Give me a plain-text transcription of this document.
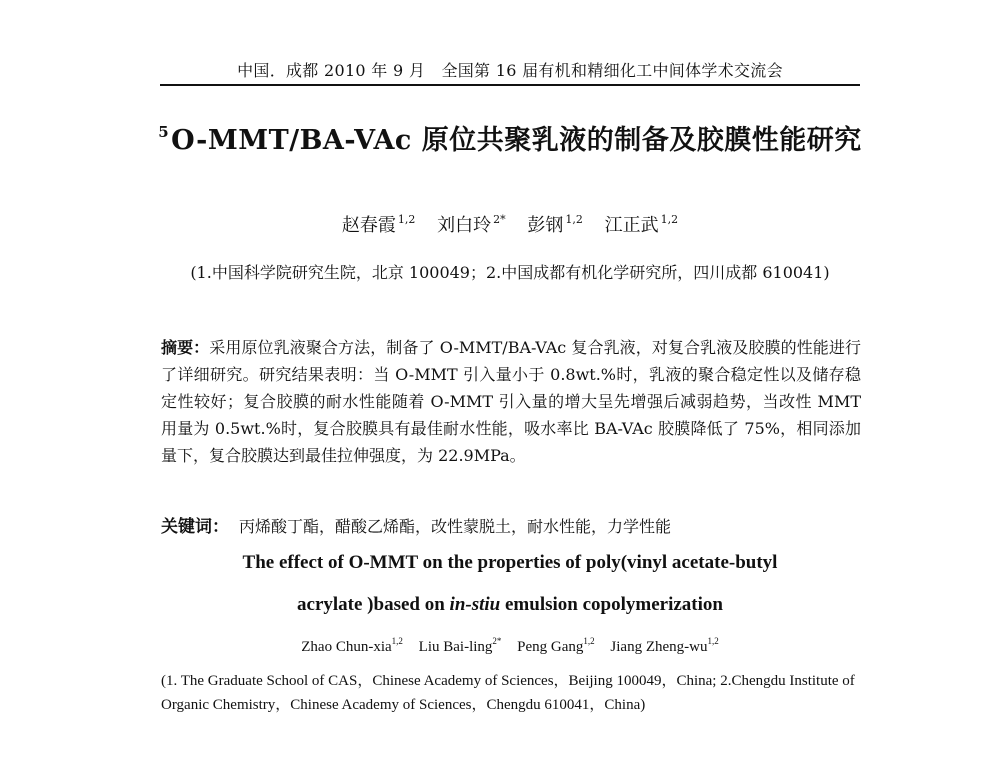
中国．成都 2010 年 9 月　全国第 16 届有机和精细化工中间体学术交流会
$^5$O-MMT/BA-VAc 原位共聚乳液的制备及胶膜性能研究
赵春霞 $^{1,2}$ 刘白玲 $^{2*}$ 彭钢 $^{1,2}$ 江正武 $^{1,2}$
(1.中国科学院研究生院，北京 100049；2.中国成都有机化学研究所，四川成都 610041)
摘要：采用原位乳液聚合方法，制备了 O-MMT/BA-VAc 复合乳液，对复合乳液及胶膜的性能进行了详细研究。研究结果表明：当 O-MMT 引入量小于 0.8wt.%时，乳液的聚合稳定性以及储存稳定性较好；复合胶膜的耐水性能随着 O-MMT 引入量的增大呈先增强后减弱趋势，当改性 MMT 用量为 0.5wt.%时，复合胶膜具有最佳耐水性能，吸水率比 BA-VAc 胶膜降低了 75%，相同添加量下，复合胶膜达到最佳拉伸强度，为 22.9MPa。
关键词： 丙烯酸丁酯，醋酸乙烯酯，改性蒙脱土，耐水性能，力学性能
The effect of O-MMT on the properties of poly(vinyl acetate-butyl
acrylate )based on in-stiu emulsion copolymerization
Zhao Chun-xia$^{1,2}$ Liu Bai-ling$^{2*}$ Peng Gang$^{1,2}$ Jiang Zheng-wu$^{1,2}$
(1. The Graduate School of CAS，Chinese Academy of Sciences，Beijing 100049，China; 2.Chengdu Institute of Organic Chemistry，Chinese Academy of Sciences，Chengdu 610041，China)
